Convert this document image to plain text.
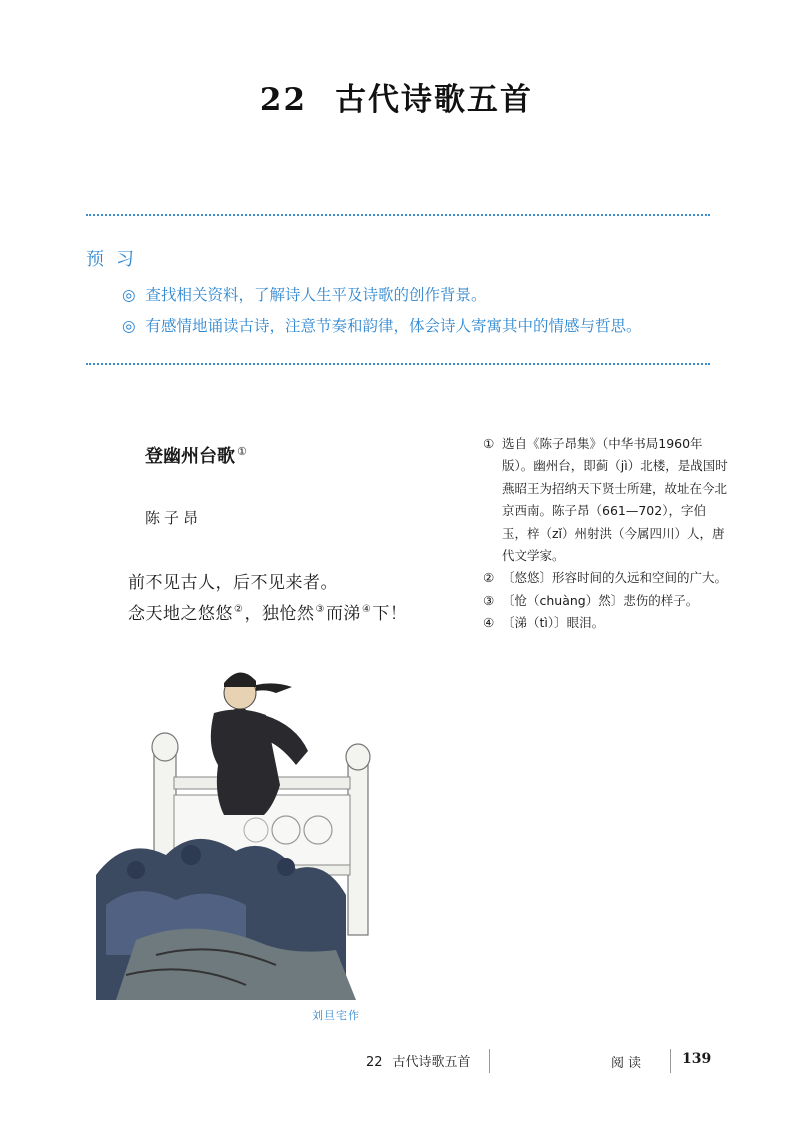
22 古代诗歌五首
预习
◎ 查找相关资料，了解诗人生平及诗歌的创作背景。
◎ 有感情地诵读古诗，注意节奏和韵律，体会诗人寄寓其中的情感与哲思。
登幽州台歌 ①
陈子昂
前不见古人，后不见来者。
念天地之悠悠②，独怆然③而涕④下！
① 选自《陈子昂集》（中华书局1960年版）。幽州台，即蓟（jì）北楼，是战国时燕昭王为招纳天下贤士所建，故址在今北京西南。陈子昂（661—702），字伯玉，梓（zǐ）州射洪（今属四川）人，唐代文学家。
② 〔悠悠〕形容时间的久远和空间的广大。
③ 〔怆（chuàng）然〕悲伤的样子。
④ 〔涕（tì）〕眼泪。
刘旦宅作
22 古代诗歌五首	阅读	139
